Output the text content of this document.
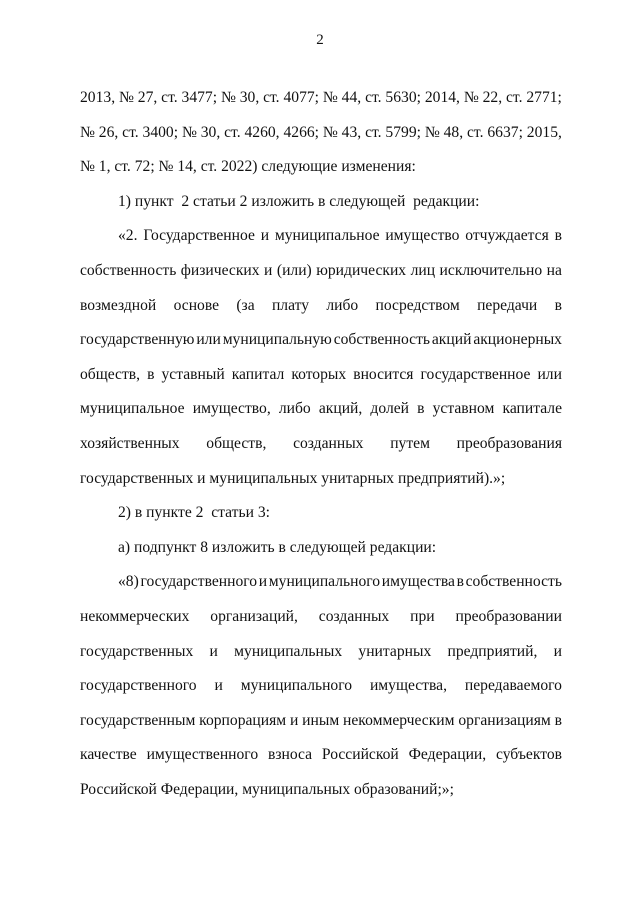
2
2013, № 27, ст. 3477; № 30, ст. 4077; № 44, ст. 5630; 2014, № 22, ст. 2771;
№ 26, ст. 3400; № 30, ст. 4260, 4266; № 43, ст. 5799; № 48, ст. 6637; 2015,
№ 1, ст. 72; № 14, ст. 2022) следующие изменения:
1) пункт  2 статьи 2 изложить в следующей  редакции:
«2. Государственное и муниципальное имущество отчуждается в
собственность физических и (или) юридических лиц исключительно на
возмездной основе (за плату либо посредством передачи в
государственную или муниципальную собственность акций акционерных
обществ, в уставный капитал которых вносится государственное или
муниципальное имущество, либо акций, долей в уставном капитале
хозяйственных обществ, созданных путем преобразования
государственных и муниципальных унитарных предприятий).»;
2) в пункте 2  статьи 3:
а) подпункт 8 изложить в следующей редакции:
«8) государственного и муниципального имущества в собственность
некоммерческих организаций, созданных при преобразовании
государственных и муниципальных унитарных предприятий, и
государственного и муниципального имущества, передаваемого
государственным корпорациям и иным некоммерческим организациям в
качестве имущественного взноса Российской Федерации, субъектов
Российской Федерации, муниципальных образований;»;
